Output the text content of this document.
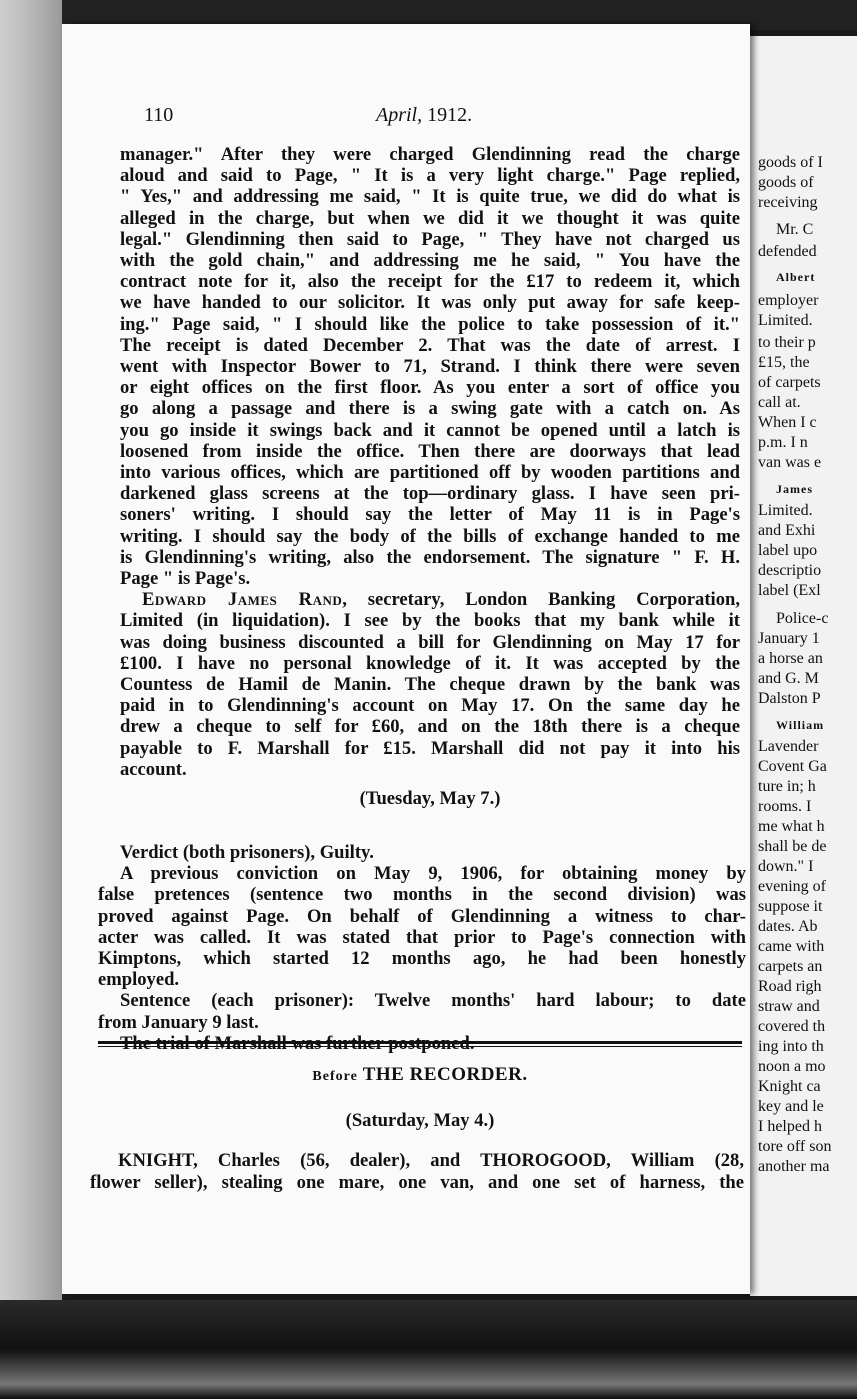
goods of I
goods of
receiving
Mr. C
defended
Albert
employer
Limited.
to their p
£15, the
of carpets
call at.
When I c
p.m. I n
van was e
James
Limited.
and Exhi
label upo
descriptio
label (Exl
Police-c
January 1
a horse an
and G. M
Dalston P
William
Lavender
Covent Ga
ture in; h
rooms. I
me what h
shall be de
down." I
evening of
suppose it
dates. Ab
came with
carpets an
Road righ
straw and
covered th
ing into th
noon a mo
Knight ca
key and le
I helped h
tore off son
another ma
110	April, 1912.
manager." After they were charged Glendinning read the charge
aloud and said to Page, " It is a very light charge." Page replied,
" Yes," and addressing me said, " It is quite true, we did do what is
alleged in the charge, but when we did it we thought it was quite
legal." Glendinning then said to Page, " They have not charged us
with the gold chain," and addressing me he said, " You have the
contract note for it, also the receipt for the £17 to redeem it, which
we have handed to our solicitor. It was only put away for safe keep-
ing." Page said, " I should like the police to take possession of it."
The receipt is dated December 2. That was the date of arrest. I
went with Inspector Bower to 71, Strand. I think there were seven
or eight offices on the first floor. As you enter a sort of office you
go along a passage and there is a swing gate with a catch on. As
you go inside it swings back and it cannot be opened until a latch is
loosened from inside the office. Then there are doorways that lead
into various offices, which are partitioned off by wooden partitions and
darkened glass screens at the top—ordinary glass. I have seen pri-
soners' writing. I should say the letter of May 11 is in Page's
writing. I should say the body of the bills of exchange handed to me
is Glendinning's writing, also the endorsement. The signature " F. H.
Page " is Page's.
Edward James Rand, secretary, London Banking Corporation,
Limited (in liquidation). I see by the books that my bank while it
was doing business discounted a bill for Glendinning on May 17 for
£100. I have no personal knowledge of it. It was accepted by the
Countess de Hamil de Manin. The cheque drawn by the bank was
paid in to Glendinning's account on May 17. On the same day he
drew a cheque to self for £60, and on the 18th there is a cheque
payable to F. Marshall for £15. Marshall did not pay it into his
account.
(Tuesday, May 7.)
Verdict (both prisoners), Guilty.
A previous conviction on May 9, 1906, for obtaining money by
false pretences (sentence two months in the second division) was
proved against Page. On behalf of Glendinning a witness to char-
acter was called. It was stated that prior to Page's connection with
Kimptons, which started 12 months ago, he had been honestly
employed.
Sentence (each prisoner): Twelve months' hard labour; to date
from January 9 last.
Before THE RECORDER.
(Saturday, May 4.)
KNIGHT, Charles (56, dealer), and THOROGOOD, William (28,
flower seller), stealing one mare, one van, and one set of harness, the
